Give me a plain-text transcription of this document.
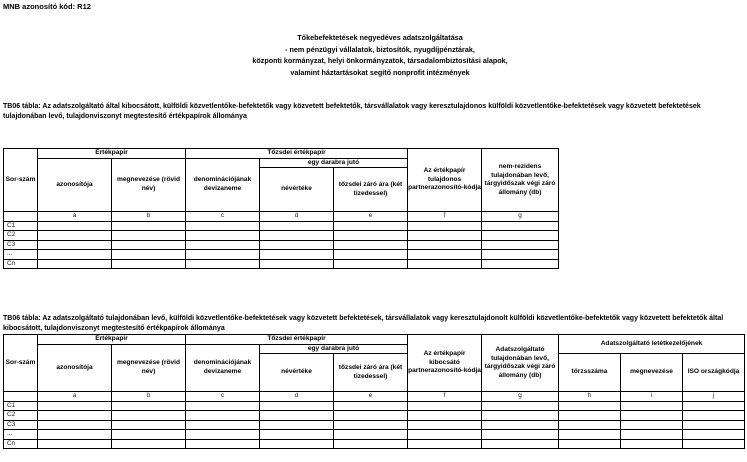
MNB azonosító kód: R12
Tőkebefektetések negyedéves adatszolgáltatása
- nem pénzügyi vállalatok, biztosítók, nyugdíjpénztárak,
központi kormányzat, helyi önkormányzatok, társadalombiztosítási alapok,
valamint háztartásokat segítő nonprofit intézmények
TB06 tábla: Az adatszolgáltató által kibocsátott, külföldi közvetlentőke-befektetők vagy közvetett befektetők, társvállalatok vagy keresztulajdonos külföldi közvetlentőke-befektetések vagy közvetett befektetések tulajdonában levő, tulajdonviszonyt megtestesítő értékpapírok állománya
Sor-szám	Értékpapír		Tőzsdei értékpapír			Az értékpapír tulajdonos partnerazonosító-kódja	nem-rezidens tulajdonában levő, tárgyidőszak végi záró állomány (db)
	azonosítója	megnevezése (rövid név)	denominációjának devizaneme	egy darabra jutó			
				névértéke	tőzsdei záró ára (két tizedessel)		
	a	b	c	d	e	f	g
C1							
C2							
C3							
...							
Cn							
TB06 tábla: Az adatszolgáltató tulajdonában levő, külföldi közvetlentőke-befektetések vagy közvetett befektetések, társvállalatok vagy keresztulajdonolt külföldi közvetlentőke-befektetők vagy közvetett befektetők által kibocsátott, tulajdonviszonyt megtestesítő értékpapírok állománya
Sor-szám	Értékpapír		Tőzsdei értékpapír			Az értékpapír kibocsátó partnerazonosító-kódja	Adatszolgáltató tulajdonában levő, tárgyidőszak végi záró állomány (db)	Adatszolgáltató letétkezelőjének		
	azonosítója	megnevezése (rövid név)	denominációjának devizaneme	egy darabra jutó						
				névértéke	tőzsdei záró ára (két tizedessel)			törzsszáma	megnevezése	ISO országkódja
	a	b	c	d	e	f	g	h	i	j
C1										
C2										
C3										
...										
Cn										
